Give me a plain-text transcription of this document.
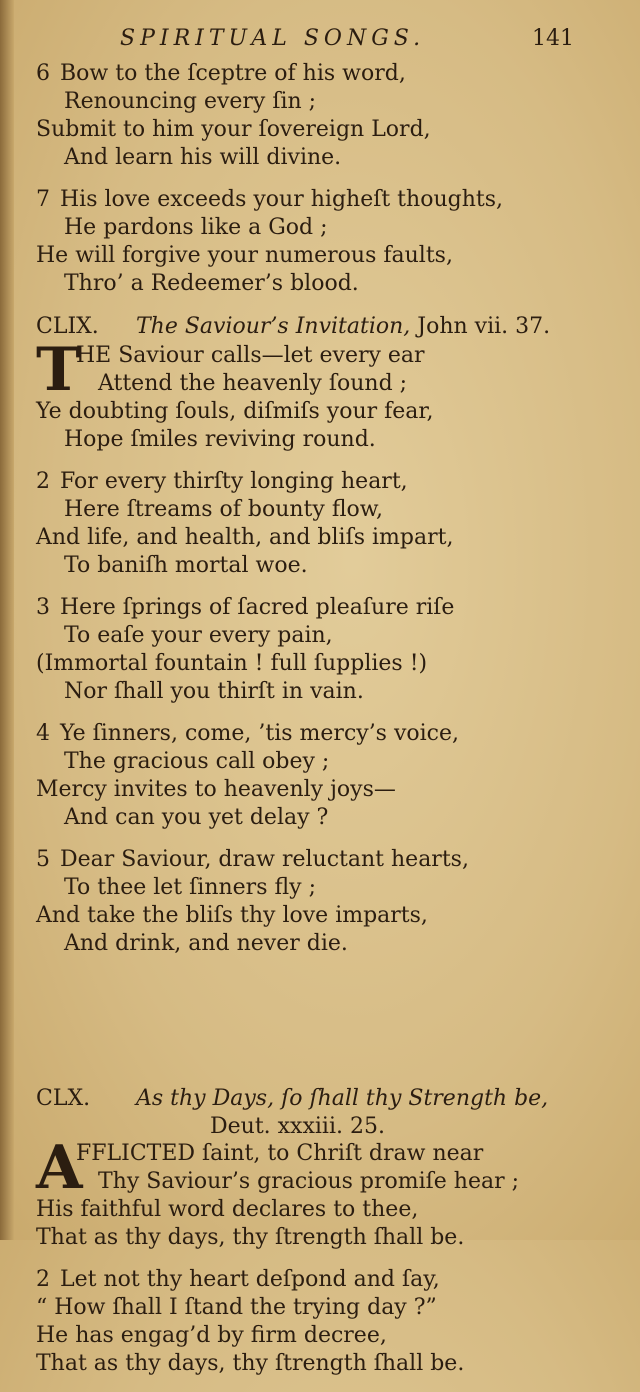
SPIRITUAL SONGS.	141
6 Bow to the ſceptre of his word,
Renouncing every ſin ;
Submit to him your ſovereign Lord,
And learn his will divine.
7 His love exceeds your higheſt thoughts,
He pardons like a God ;
He will forgive your numerous faults,
Thro’ a Redeemer’s blood.
CLIX. The Saviour’s Invitation, John vii. 37.
T
HE Saviour calls—let every ear
Attend the heavenly ſound ;
Ye doubting ſouls, diſmiſs your fear,
Hope ſmiles reviving round.
2 For every thirſty longing heart,
Here ſtreams of bounty flow,
And life, and health, and bliſs impart,
To baniſh mortal woe.
3 Here ſprings of ſacred pleaſure riſe
To eaſe your every pain,
(Immortal fountain ! full ſupplies !)
Nor ſhall you thirſt in vain.
4 Ye ſinners, come, ’tis mercy’s voice,
The gracious call obey ;
Mercy invites to heavenly joys—
And can you yet delay ?
5 Dear Saviour, draw reluctant hearts,
To thee let ſinners fly ;
And take the bliſs thy love imparts,
And drink, and never die.
CLX. As thy Days, ſo ſhall thy Strength be,
Deut. xxxiii. 25.
A
FFLICTED ſaint, to Chriſt draw near
Thy Saviour’s gracious promiſe hear ;
His faithful word declares to thee,
That as thy days, thy ſtrength ſhall be.
2 Let not thy heart deſpond and ſay,
“ How ſhall I ſtand the trying day ?”
He has engag’d by firm decree,
That as thy days, thy ſtrength ſhall be.
